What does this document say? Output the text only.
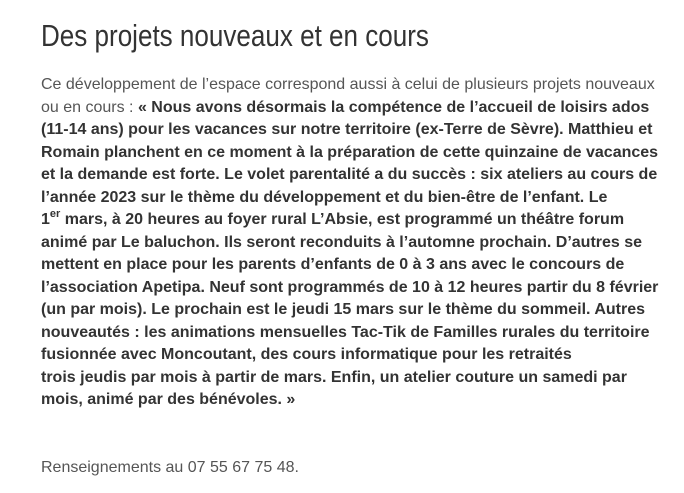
Des projets nouveaux et en cours
Ce développement de l’espace correspond aussi à celui de plusieurs projets nouveaux
ou en cours : « Nous avons désormais la compétence de l’accueil de loisirs ados
(11-14 ans) pour les vacances sur notre territoire (ex-Terre de Sèvre). Matthieu et
Romain planchent en ce moment à la préparation de cette quinzaine de vacances
et la demande est forte. Le volet parentalité a du succès : six ateliers au cours de
l’année 2023 sur le thème du développement et du bien-être de l’enfant. Le
1er mars, à 20 heures au foyer rural L’Absie, est programmé un théâtre forum
animé par Le baluchon. Ils seront reconduits à l’automne prochain. D’autres se
mettent en place pour les parents d’enfants de 0 à 3 ans avec le concours de
l’association Apetipa. Neuf sont programmés de 10 à 12 heures partir du 8 février
(un par mois). Le prochain est le jeudi 15 mars sur le thème du sommeil. Autres
nouveautés : les animations mensuelles Tac-Tik de Familles rurales du territoire
fusionnée avec Moncoutant, des cours informatique pour les retraités
trois jeudis par mois à partir de mars. Enfin, un atelier couture un samedi par
mois, animé par des bénévoles. »
Renseignements au 07 55 67 75 48.
